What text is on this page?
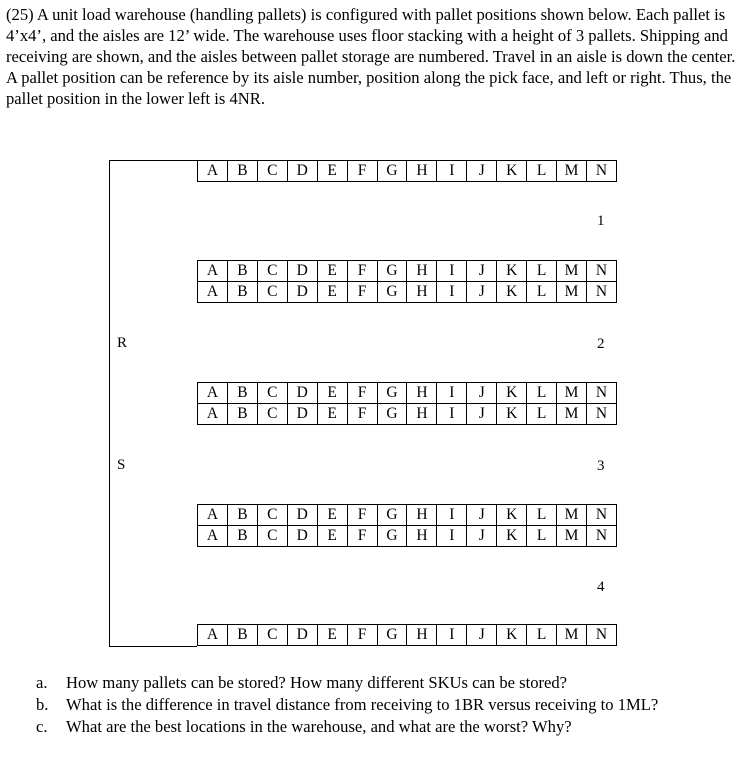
(25) A unit load warehouse (handling pallets) is configured with pallet positions shown below. Each pallet is 4’x4’, and the aisles are 12’ wide. The warehouse uses floor stacking with a height of 3 pallets. Shipping and receiving are shown, and the aisles between pallet storage are numbered. Travel in an aisle is down the center. A pallet position can be reference by its aisle number, position along the pick face, and left or right. Thus, the pallet position in the lower left is 4NR.

A	B	C	D	E	F	G	H	I	J	K	L	M	N
1
A	B	C	D	E	F	G	H	I	J	K	L	M	N
A	B	C	D	E	F	G	H	I	J	K	L	M	N
R	2
A	B	C	D	E	F	G	H	I	J	K	L	M	N
A	B	C	D	E	F	G	H	I	J	K	L	M	N
S	3
A	B	C	D	E	F	G	H	I	J	K	L	M	N
A	B	C	D	E	F	G	H	I	J	K	L	M	N
4
A	B	C	D	E	F	G	H	I	J	K	L	M	N
a.	How many pallets can be stored? How many different SKUs can be stored?
b.	What is the difference in travel distance from receiving to 1BR versus receiving to 1ML?
c.	What are the best locations in the warehouse, and what are the worst? Why?
